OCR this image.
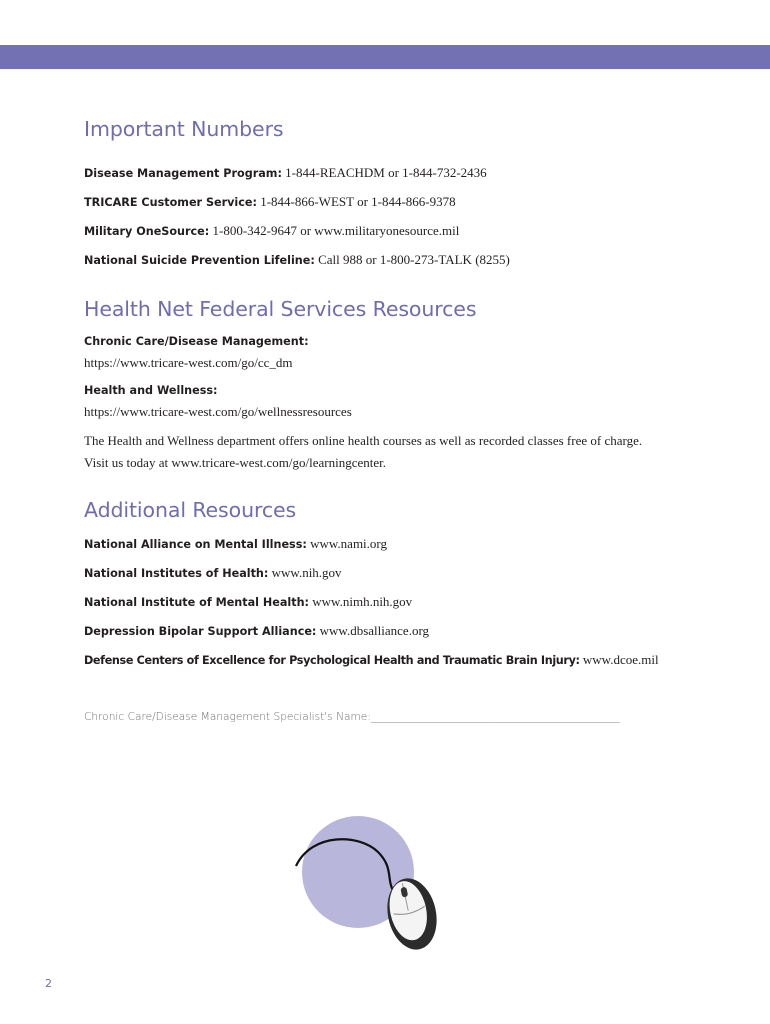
Important Numbers
Disease Management Program: 1-844-REACHDM or 1-844-732-2436
TRICARE Customer Service: 1-844-866-WEST or 1-844-866-9378
Military OneSource: 1-800-342-9647 or www.militaryonesource.mil
National Suicide Prevention Lifeline: Call 988 or 1-800-273-TALK (8255)
Health Net Federal Services Resources
Chronic Care/Disease Management:
https://www.tricare-west.com/go/cc_dm
Health and Wellness:
https://www.tricare-west.com/go/wellnessresources
The Health and Wellness department offers online health courses as well as recorded classes free of charge.
Visit us today at www.tricare-west.com/go/learningcenter.
Additional Resources
National Alliance on Mental Illness: www.nami.org
National Institutes of Health: www.nih.gov
National Institute of Mental Health: www.nimh.nih.gov
Depression Bipolar Support Alliance: www.dbsalliance.org
Defense Centers of Excellence for Psychological Health and Traumatic Brain Injury: www.dcoe.mil
Chronic Care/Disease Management Specialist's Name:_______________________________________________
2
